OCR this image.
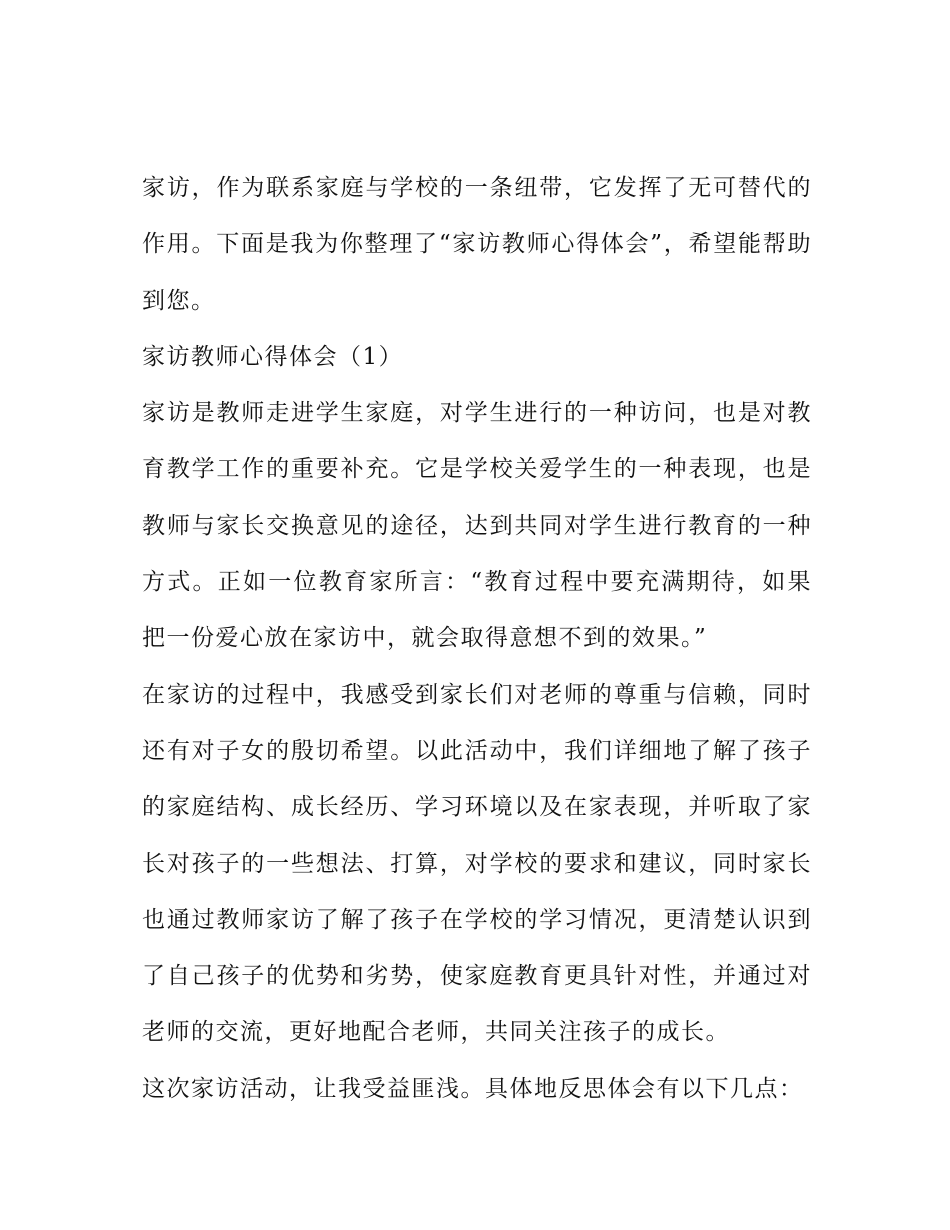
家访，作为联系家庭与学校的一条纽带，它发挥了无可替代的作用。下面是我为你整理了“家访教师心得体会”，希望能帮助到您。

家访教师心得体会（1）

家访是教师走进学生家庭，对学生进行的一种访问，也是对教育教学工作的重要补充。它是学校关爱学生的一种表现，也是教师与家长交换意见的途径，达到共同对学生进行教育的一种方式。正如一位教育家所言：“教育过程中要充满期待，如果把一份爱心放在家访中，就会取得意想不到的效果。”

在家访的过程中，我感受到家长们对老师的尊重与信赖，同时还有对子女的殷切希望。以此活动中，我们详细地了解了孩子的家庭结构、成长经历、学习环境以及在家表现，并听取了家长对孩子的一些想法、打算，对学校的要求和建议，同时家长也通过教师家访了解了孩子在学校的学习情况，更清楚认识到了自己孩子的优势和劣势，使家庭教育更具针对性，并通过对老师的交流，更好地配合老师，共同关注孩子的成长。

这次家访活动，让我受益匪浅。具体地反思体会有以下几点：
